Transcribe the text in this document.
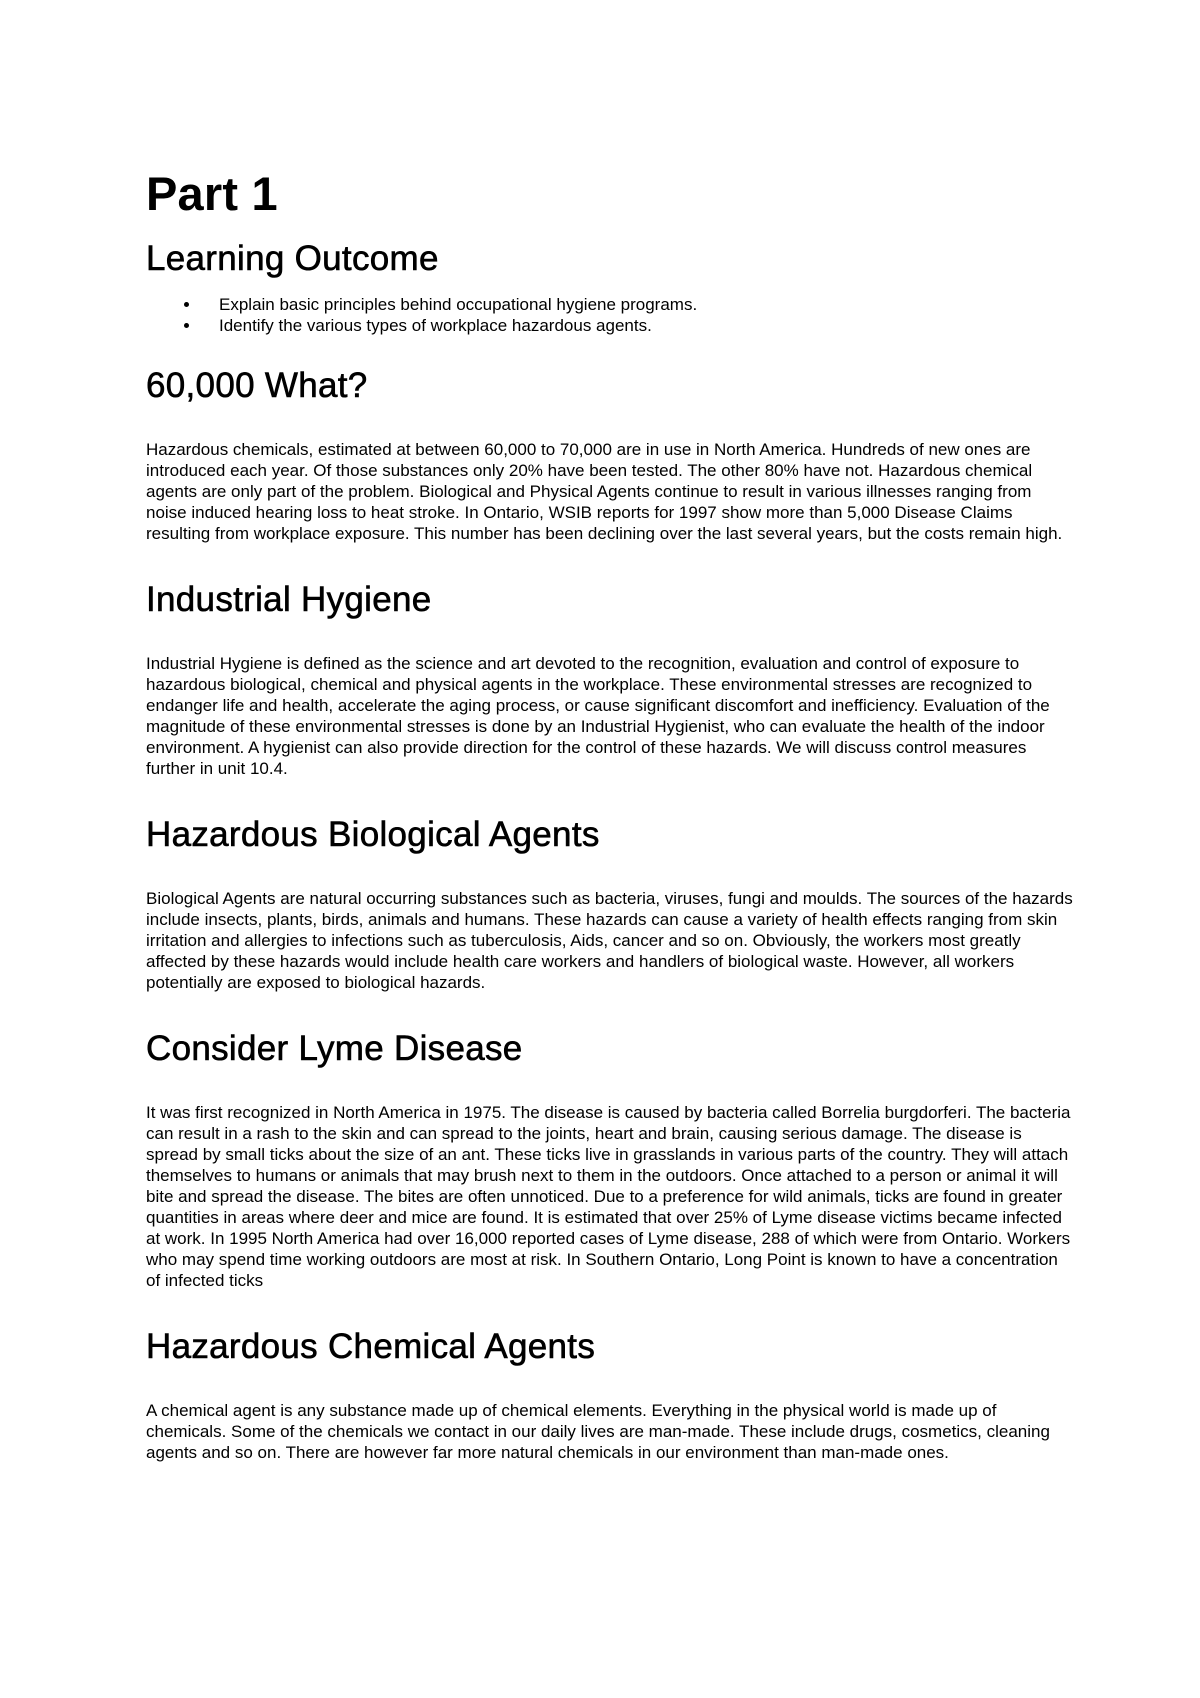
Part 1
Learning Outcome
Explain basic principles behind occupational hygiene programs.
Identify the various types of workplace hazardous agents.
60,000 What?

Hazardous chemicals, estimated at between 60,000 to 70,000 are in use in North America. Hundreds of new ones are introduced each year. Of those substances only 20% have been tested. The other 80% have not. Hazardous chemical agents are only part of the problem. Biological and Physical Agents continue to result in various illnesses ranging from noise induced hearing loss to heat stroke. In Ontario, WSIB reports for 1997 show more than 5,000 Disease Claims resulting from workplace exposure. This number has been declining over the last several years, but the costs remain high.

Industrial Hygiene

Industrial Hygiene is defined as the science and art devoted to the recognition, evaluation and control of exposure to hazardous biological, chemical and physical agents in the workplace. These environmental stresses are recognized to endanger life and health, accelerate the aging process, or cause significant discomfort and inefficiency. Evaluation of the magnitude of these environmental stresses is done by an Industrial Hygienist, who can evaluate the health of the indoor environment. A hygienist can also provide direction for the control of these hazards. We will discuss control measures further in unit 10.4.

Hazardous Biological Agents

Biological Agents are natural occurring substances such as bacteria, viruses, fungi and moulds. The sources of the hazards include insects, plants, birds, animals and humans. These hazards can cause a variety of health effects ranging from skin irritation and allergies to infections such as tuberculosis, Aids, cancer and so on. Obviously, the workers most greatly affected by these hazards would include health care workers and handlers of biological waste. However, all workers potentially are exposed to biological hazards.

Consider Lyme Disease

It was first recognized in North America in 1975. The disease is caused by bacteria called Borrelia burgdorferi. The bacteria can result in a rash to the skin and can spread to the joints, heart and brain, causing serious damage. The disease is spread by small ticks about the size of an ant. These ticks live in grasslands in various parts of the country. They will attach themselves to humans or animals that may brush next to them in the outdoors. Once attached to a person or animal it will bite and spread the disease. The bites are often unnoticed. Due to a preference for wild animals, ticks are found in greater quantities in areas where deer and mice are found. It is estimated that over 25% of Lyme disease victims became infected at work. In 1995 North America had over 16,000 reported cases of Lyme disease, 288 of which were from Ontario. Workers who may spend time working outdoors are most at risk. In Southern Ontario, Long Point is known to have a concentration of infected ticks

Hazardous Chemical Agents

A chemical agent is any substance made up of chemical elements. Everything in the physical world is made up of chemicals. Some of the chemicals we contact in our daily lives are man-made. These include drugs, cosmetics, cleaning agents and so on. There are however far more natural chemicals in our environment than man-made ones.
